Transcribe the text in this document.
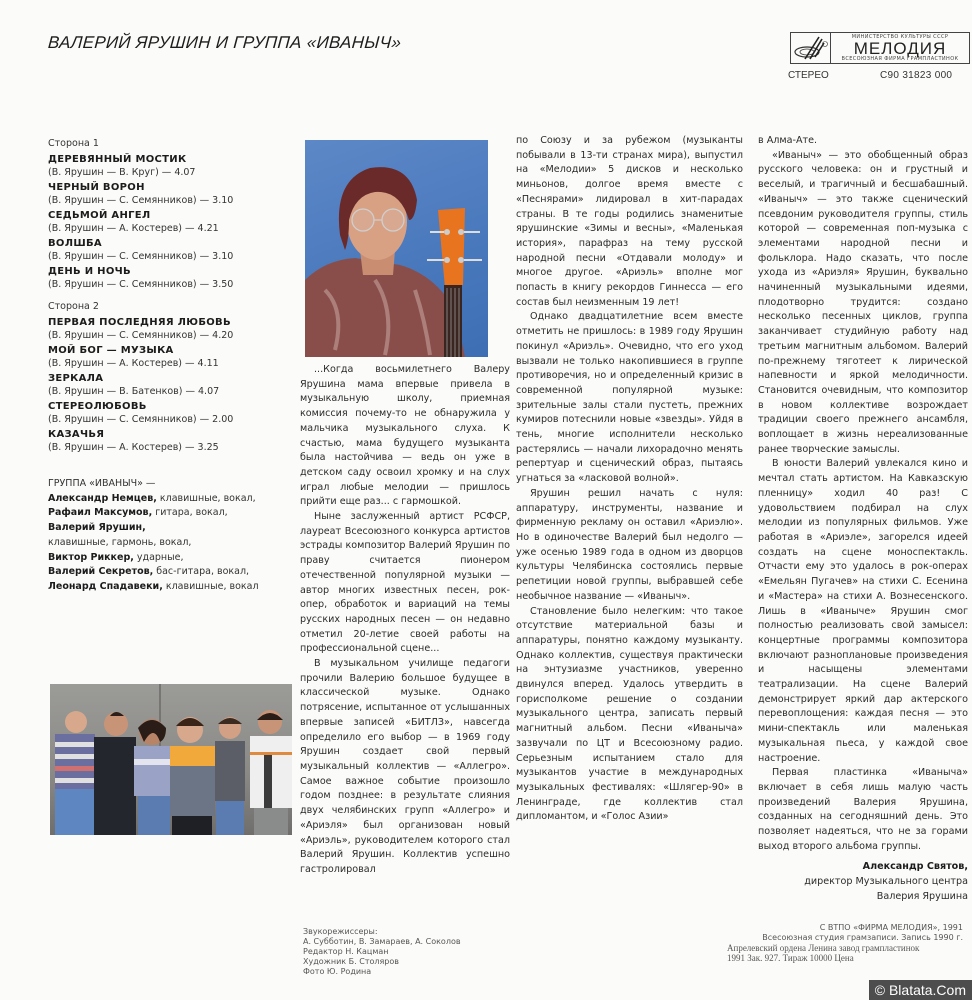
ВАЛЕРИЙ ЯРУШИН И ГРУППА «ИВАНЫЧ»	МИНИСТЕРСТВО КУЛЬТУРЫ СССР
МЕЛОДИЯ
ВСЕСОЮЗНАЯ ФИРМА ГРАМПЛАСТИНОК
СТЕРЕО	С90 31823 000
Сторона 1
ДЕРЕВЯННЫЙ МОСТИК
(В. Ярушин — В. Круг) — 4.07
ЧЕРНЫЙ ВОРОН
(В. Ярушин — С. Семянников) — 3.10
СЕДЬМОЙ АНГЕЛ
(В. Ярушин — А. Костерев) — 4.21
ВОЛШБА
(В. Ярушин — С. Семянников) — 3.10
ДЕНЬ И НОЧЬ
(В. Ярушин — С. Семянников) — 3.50
Сторона 2
ПЕРВАЯ ПОСЛЕДНЯЯ ЛЮБОВЬ
(В. Ярушин — С. Семянников) — 4.20
МОЙ БОГ — МУЗЫКА
(В. Ярушин — А. Костерев) — 4.11
ЗЕРКАЛА
(В. Ярушин — В. Батенков) — 4.07
СТЕРЕОЛЮБОВЬ
(В. Ярушин — С. Семянников) — 2.00
КАЗАЧЬЯ
(В. Ярушин — А. Костерев) — 3.25
ГРУППА «ИВАНЫЧ» —
Александр Немцев, клавишные, вокал,
Рафаил Максумов, гитара, вокал,
Валерий Ярушин,
клавишные, гармонь, вокал,
Виктор Риккер, ударные,
Валерий Секретов, бас-гитара, вокал,
Леонард Спадавеки, клавишные, вокал

...Когда восьмилетнего Валеру Ярушина мама впервые привела в музыкальную школу, приемная комиссия почему-то не обнаружила у мальчика музыкального слуха. К счастью, мама будущего музыканта была настойчива — ведь он уже в детском саду освоил хромку и на слух играл любые мелодии — пришлось прийти еще раз... с гармошкой.

Ныне заслуженный артист РСФСР, лауреат Всесоюзного конкурса артистов эстрады композитор Валерий Ярушин по праву считается пионером отечественной популярной музыки — автор многих известных песен, рок-опер, обработок и вариаций на темы русских народных песен — он недавно отметил 20-летие своей работы на профессиональной сцене...

В музыкальном училище педагоги прочили Валерию большое будущее в классической музыке. Однако потрясение, испытанное от услышанных впервые записей «БИТЛЗ», навсегда определило его выбор — в 1969 году Ярушин создает свой первый музыкальный коллектив — «Аллегро». Самое важное событие произошло годом позднее: в результате слияния двух челябинских групп «Аллегро» и «Ариэля» был организован новый «Ариэль», руководителем которого стал Валерий Ярушин. Коллектив успешно гастролировал

по Союзу и за рубежом (музыканты побывали в 13-ти странах мира), выпустил на «Мелодии» 5 дисков и несколько миньонов, долгое время вместе с «Песнярами» лидировал в хит-парадах страны. В те годы родились знаменитые ярушинские «Зимы и весны», «Маленькая история», парафраз на тему русской народной песни «Отдавали молоду» и многое другое. «Ариэль» вполне мог попасть в книгу рекордов Гиннесса — его состав был неизменным 19 лет!

Однако двадцатилетние всем вместе отметить не пришлось: в 1989 году Ярушин покинул «Ариэль». Очевидно, что его уход вызвали не только накопившиеся в группе противоречия, но и определенный кризис в современной популярной музыке: зрительные залы стали пустеть, прежних кумиров потеснили новые «звезды». Уйдя в тень, многие исполнители несколько растерялись — начали лихорадочно менять репертуар и сценический образ, пытаясь угнаться за «ласковой волной».

Ярушин решил начать с нуля: аппаратуру, инструменты, название и фирменную рекламу он оставил «Ариэлю». Но в одиночестве Валерий был недолго — уже осенью 1989 года в одном из дворцов культуры Челябинска состоялись первые репетиции новой группы, выбравшей себе необычное название — «Иваныч».

Становление было нелегким: что такое отсутствие материальной базы и аппаратуры, понятно каждому музыканту. Однако коллектив, существуя практически на энтузиазме участников, уверенно двинулся вперед. Удалось утвердить в горисполкоме решение о создании музыкального центра, записать первый магнитный альбом. Песни «Иваныча» зазвучали по ЦТ и Всесоюзному радио. Серьезным испытанием стало для музыкантов участие в международных музыкальных фестивалях: «Шлягер-90» в Ленинграде, где коллектив стал дипломантом, и «Голос Азии»

в Алма-Ате.

«Иваныч» — это обобщенный образ русского человека: он и грустный и веселый, и трагичный и бесшабашный. «Иваныч» — это также сценический псевдоним руководителя группы, стиль которой — современная поп-музыка с элементами народной песни и фольклора. Надо сказать, что после ухода из «Ариэля» Ярушин, буквально начиненный музыкальными идеями, плодотворно трудится: создано несколько песенных циклов, группа заканчивает студийную работу над третьим магнитным альбомом. Валерий по-прежнему тяготеет к лирической напевности и яркой мелодичности. Становится очевидным, что композитор в новом коллективе возрождает традиции своего прежнего ансамбля, воплощает в жизнь нереализованные ранее творческие замыслы.

В юности Валерий увлекался кино и мечтал стать артистом. На Кавказскую пленницу» ходил 40 раз! С удовольствием подбирал на слух мелодии из популярных фильмов. Уже работая в «Ариэле», загорелся идеей создать на сцене моноспектакль. Отчасти ему это удалось в рок-операх «Емельян Пугачев» на стихи С. Есенина и «Мастера» на стихи А. Вознесенского. Лишь в «Иваныче» Ярушин смог полностью реализовать свой замысел: концертные программы композитора включают разноплановые произведения и насыщены элементами театрализации. На сцене Валерий демонстрирует яркий дар актерского перевоплощения: каждая песня — это мини-спектакль или маленькая музыкальная пьеса, у каждой свое настроение.

Первая пластинка «Иваныча» включает в себя лишь малую часть произведений Валерия Ярушина, созданных на сегодняшний день. Это позволяет надеяться, что не за горами выход второго альбома группы.

Александр Святов,
директор Музыкального центра
Валерия Ярушина
Звукорежиссеры:
А. Субботин, В. Замараев, А. Соколов
Редактор Н. Кацман
Художник Б. Столяров
Фото Ю. Родина
С ВТПО «ФИРМА МЕЛОДИЯ», 1991
Всесоюзная студия грамзаписи. Запись 1990 г.
Апрелевский ордена Ленина завод грампластинок
1991 Зак. 927. Тираж 10000 Цена
© Blatata.Com
